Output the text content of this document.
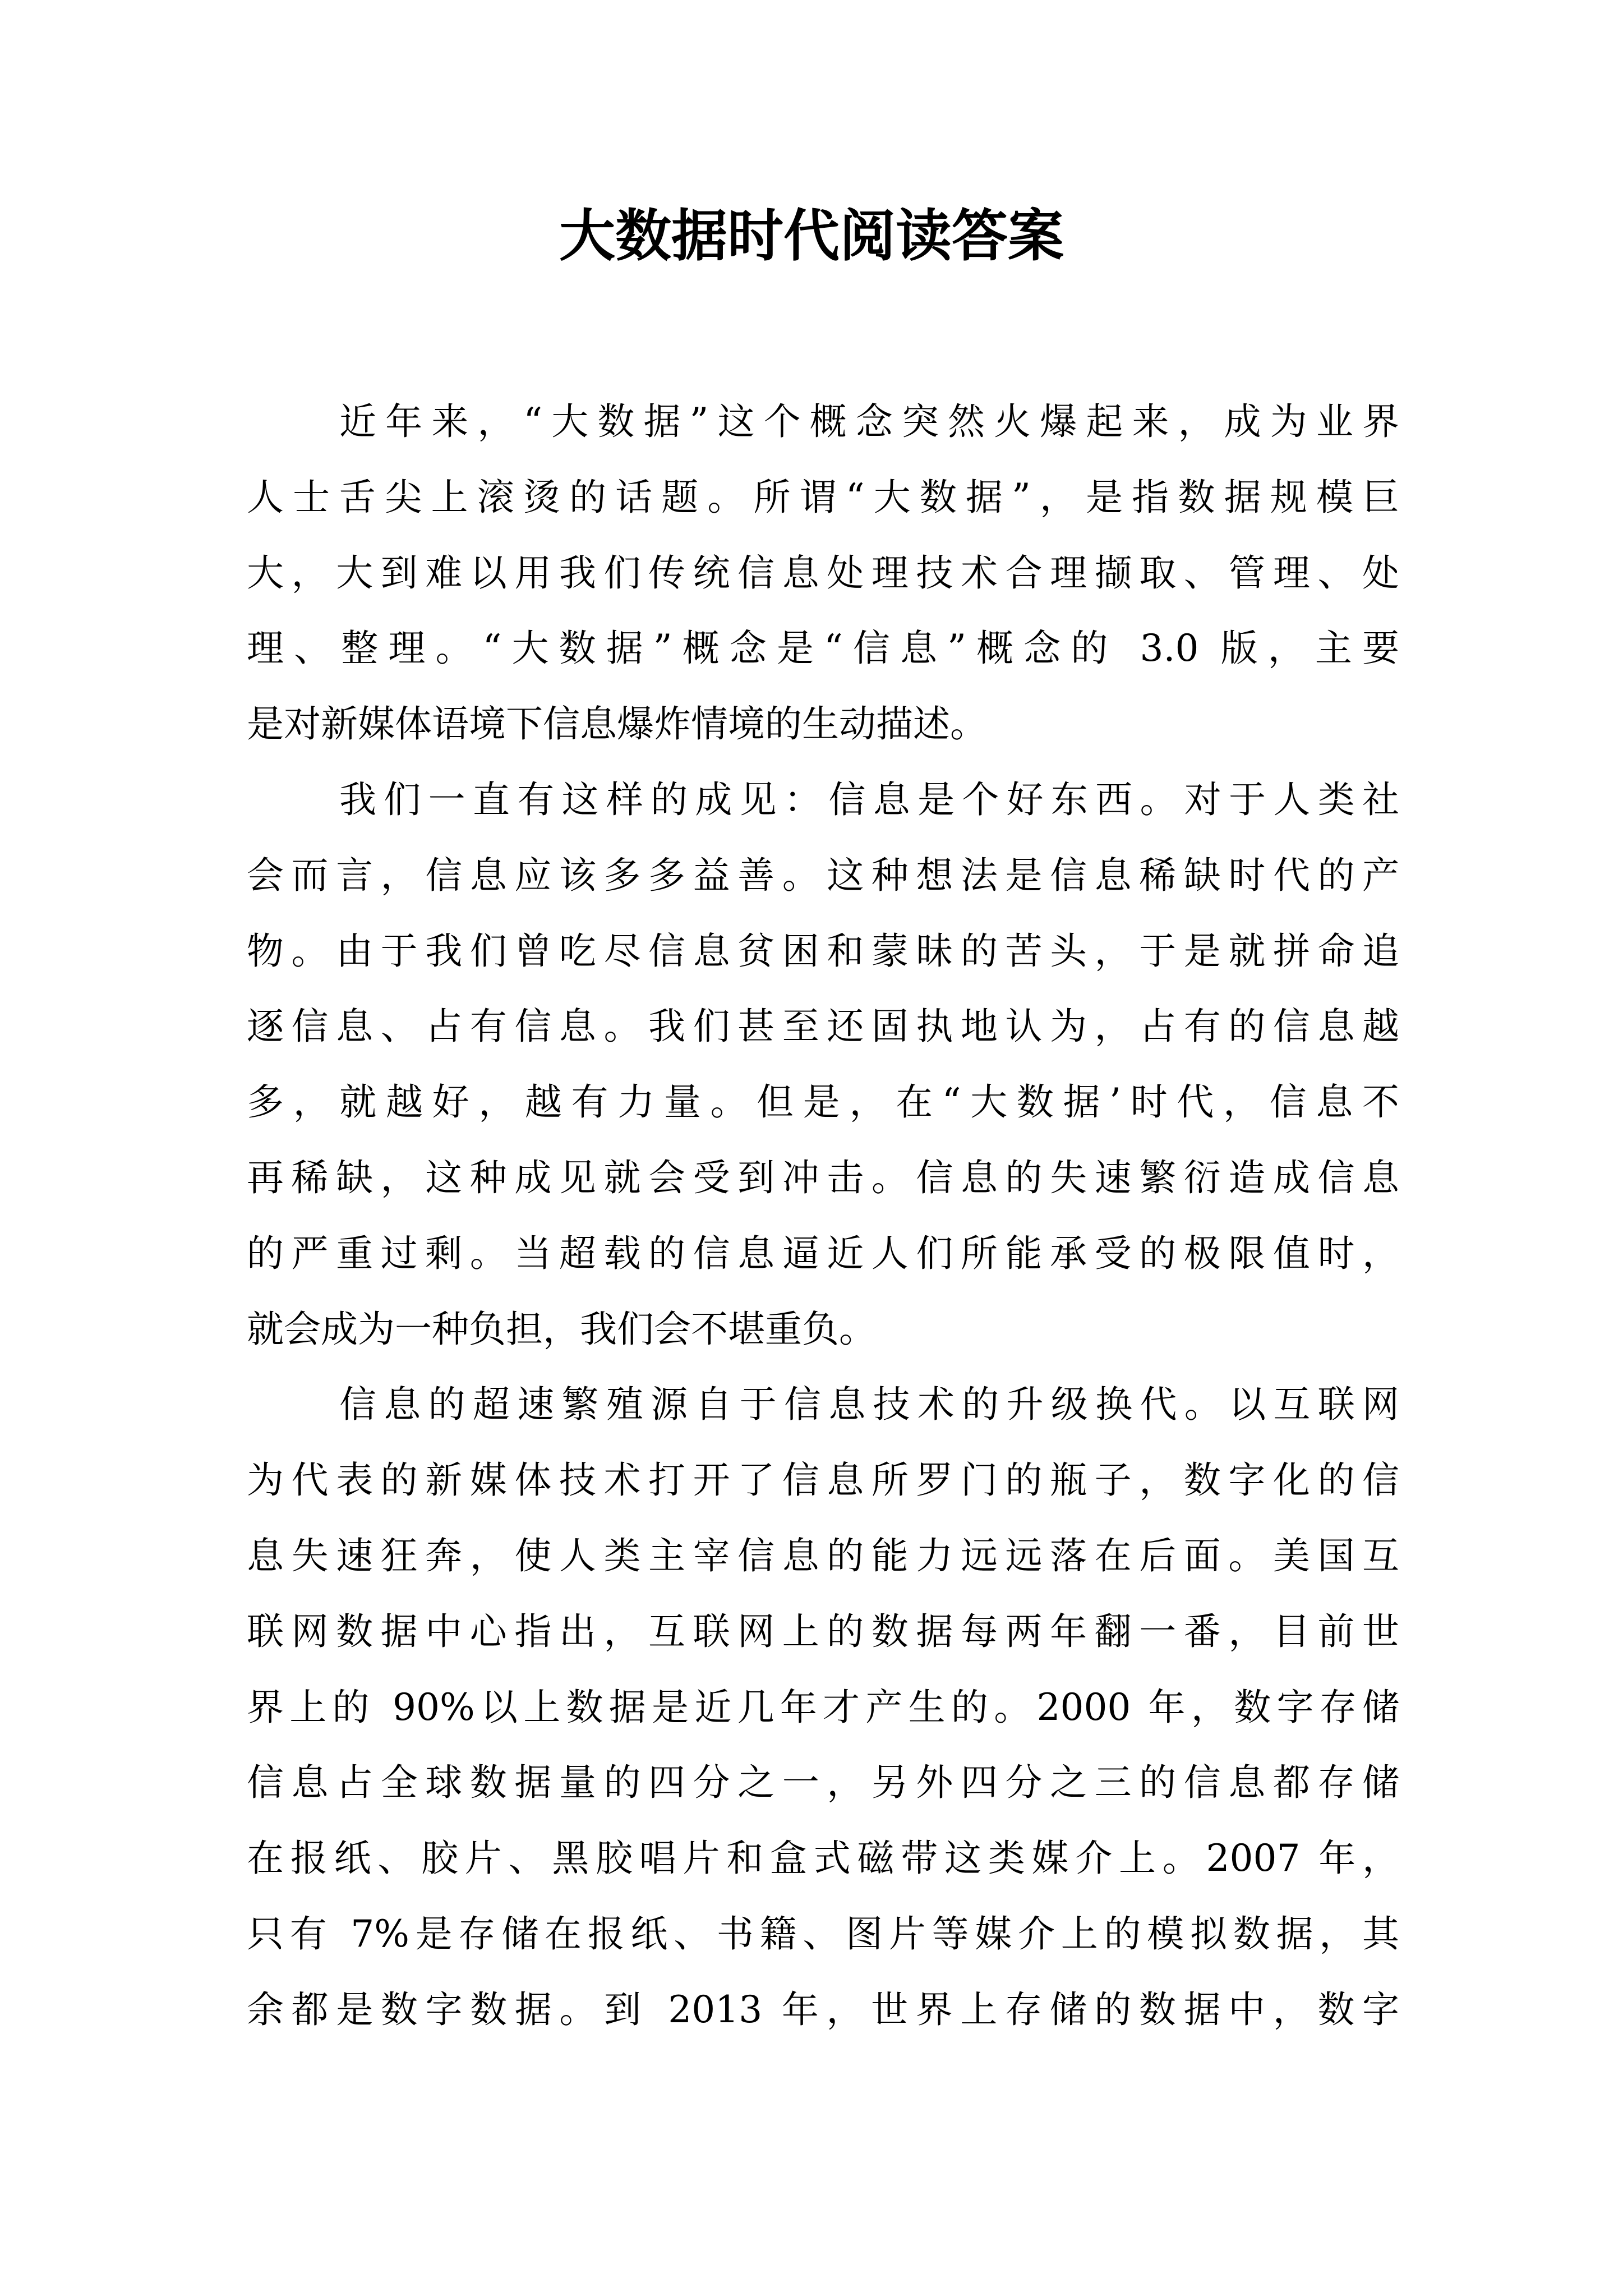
大数据时代阅读答案
近年来，“大数据”这个概念突然火爆起来，成为业界
人士舌尖上滚烫的话题。所谓“大数据”，是指数据规模巨
大，大到难以用我们传统信息处理技术合理撷取、管理、处
理、整理。“大数据”概念是“信息”概念的 3.0 版，主要
是对新媒体语境下信息爆炸情境的生动描述。
我们一直有这样的成见：信息是个好东西。对于人类社
会而言，信息应该多多益善。这种想法是信息稀缺时代的产
物。由于我们曾吃尽信息贫困和蒙昧的苦头，于是就拼命追
逐信息、占有信息。我们甚至还固执地认为，占有的信息越
多，就越好，越有力量。但是，在“大数据’时代，信息不
再稀缺，这种成见就会受到冲击。信息的失速繁衍造成信息
的严重过剩。当超载的信息逼近人们所能承受的极限值时，
就会成为一种负担，我们会不堪重负。
信息的超速繁殖源自于信息技术的升级换代。以互联网
为代表的新媒体技术打开了信息所罗门的瓶子，数字化的信
息失速狂奔，使人类主宰信息的能力远远落在后面。美国互
联网数据中心指出，互联网上的数据每两年翻一番，目前世
界上的 90%以上数据是近几年才产生的。2000 年，数字存储
信息占全球数据量的四分之一，另外四分之三的信息都存储
在报纸、胶片、黑胶唱片和盒式磁带这类媒介上。2007 年，
只有 7%是存储在报纸、书籍、图片等媒介上的模拟数据，其
余都是数字数据。到 2013 年，世界上存储的数据中，数字
